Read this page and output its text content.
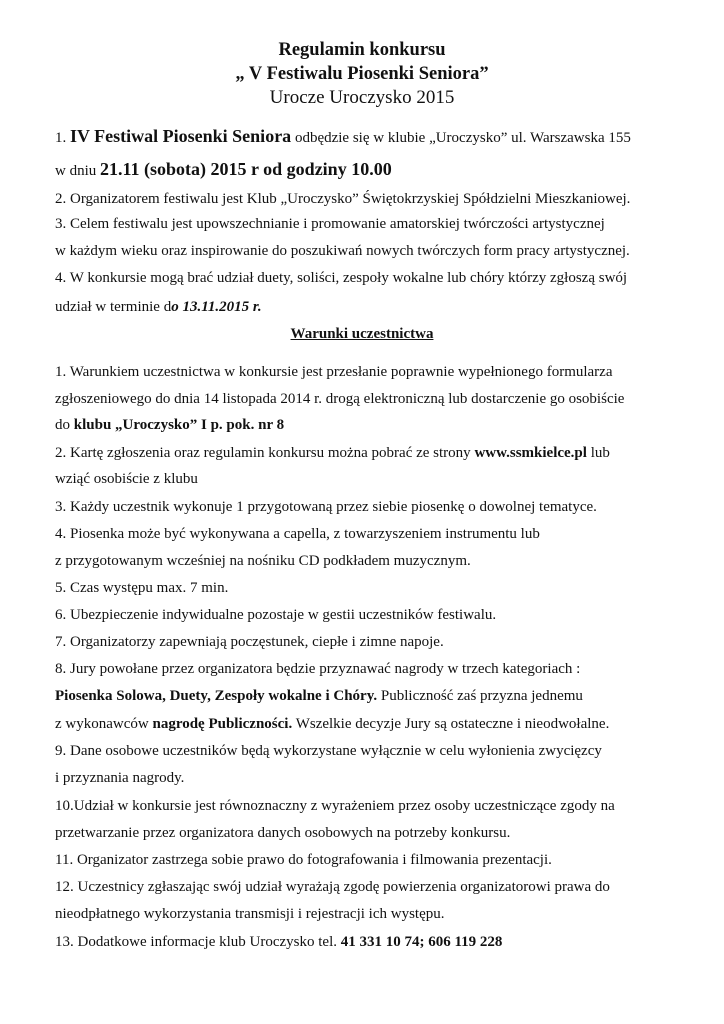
Regulamin konkursu
„ V Festiwalu Piosenki Seniora”
Urocze Uroczysko 2015
1. IV Festiwal Piosenki Seniora odbędzie się w klubie „Uroczysko” ul. Warszawska 155
w dniu 21.11 (sobota) 2015 r od godziny 10.00
2. Organizatorem festiwalu jest Klub „Uroczysko” Świętokrzyskiej Spółdzielni Mieszkaniowej.
3. Celem festiwalu jest upowszechnianie i promowanie amatorskiej twórczości artystycznej
w każdym wieku oraz inspirowanie do poszukiwań nowych twórczych form pracy artystycznej.
4. W konkursie mogą brać udział duety, soliści, zespoły wokalne lub chóry którzy zgłoszą swój
udział w terminie do 13.11.2015 r.
Warunki uczestnictwa
1. Warunkiem uczestnictwa w konkursie jest przesłanie poprawnie wypełnionego formularza
zgłoszeniowego do dnia 14 listopada 2014 r. drogą elektroniczną lub dostarczenie go osobiście
do klubu „Uroczysko” I p. pok. nr 8
2. Kartę zgłoszenia oraz regulamin konkursu można pobrać ze strony www.ssmkielce.pl lub
wziąć osobiście z klubu
3. Każdy uczestnik wykonuje 1 przygotowaną przez siebie piosenkę o dowolnej tematyce.
4. Piosenka może być wykonywana a capella, z towarzyszeniem instrumentu lub
z przygotowanym wcześniej na nośniku CD podkładem muzycznym.
5. Czas występu max. 7 min.
6. Ubezpieczenie indywidualne pozostaje w gestii uczestników festiwalu.
7. Organizatorzy zapewniają poczęstunek, ciepłe i zimne napoje.
8. Jury powołane przez organizatora będzie przyznawać nagrody w trzech kategoriach :
Piosenka Solowa, Duety, Zespoły wokalne i Chóry. Publiczność zaś przyzna jednemu
z wykonawców nagrodę Publiczności. Wszelkie decyzje Jury są ostateczne i nieodwołalne.
9. Dane osobowe uczestników będą wykorzystane wyłącznie w celu wyłonienia zwycięzcy
i przyznania nagrody.
10.Udział w konkursie jest równoznaczny z wyrażeniem przez osoby uczestniczące zgody na
przetwarzanie przez organizatora danych osobowych na potrzeby konkursu.
11. Organizator zastrzega sobie prawo do fotografowania i filmowania prezentacji.
12. Uczestnicy zgłaszając swój udział wyrażają zgodę powierzenia organizatorowi prawa do
nieodpłatnego wykorzystania transmisji i rejestracji ich występu.
13. Dodatkowe informacje klub Uroczysko tel. 41 331 10 74; 606 119 228
